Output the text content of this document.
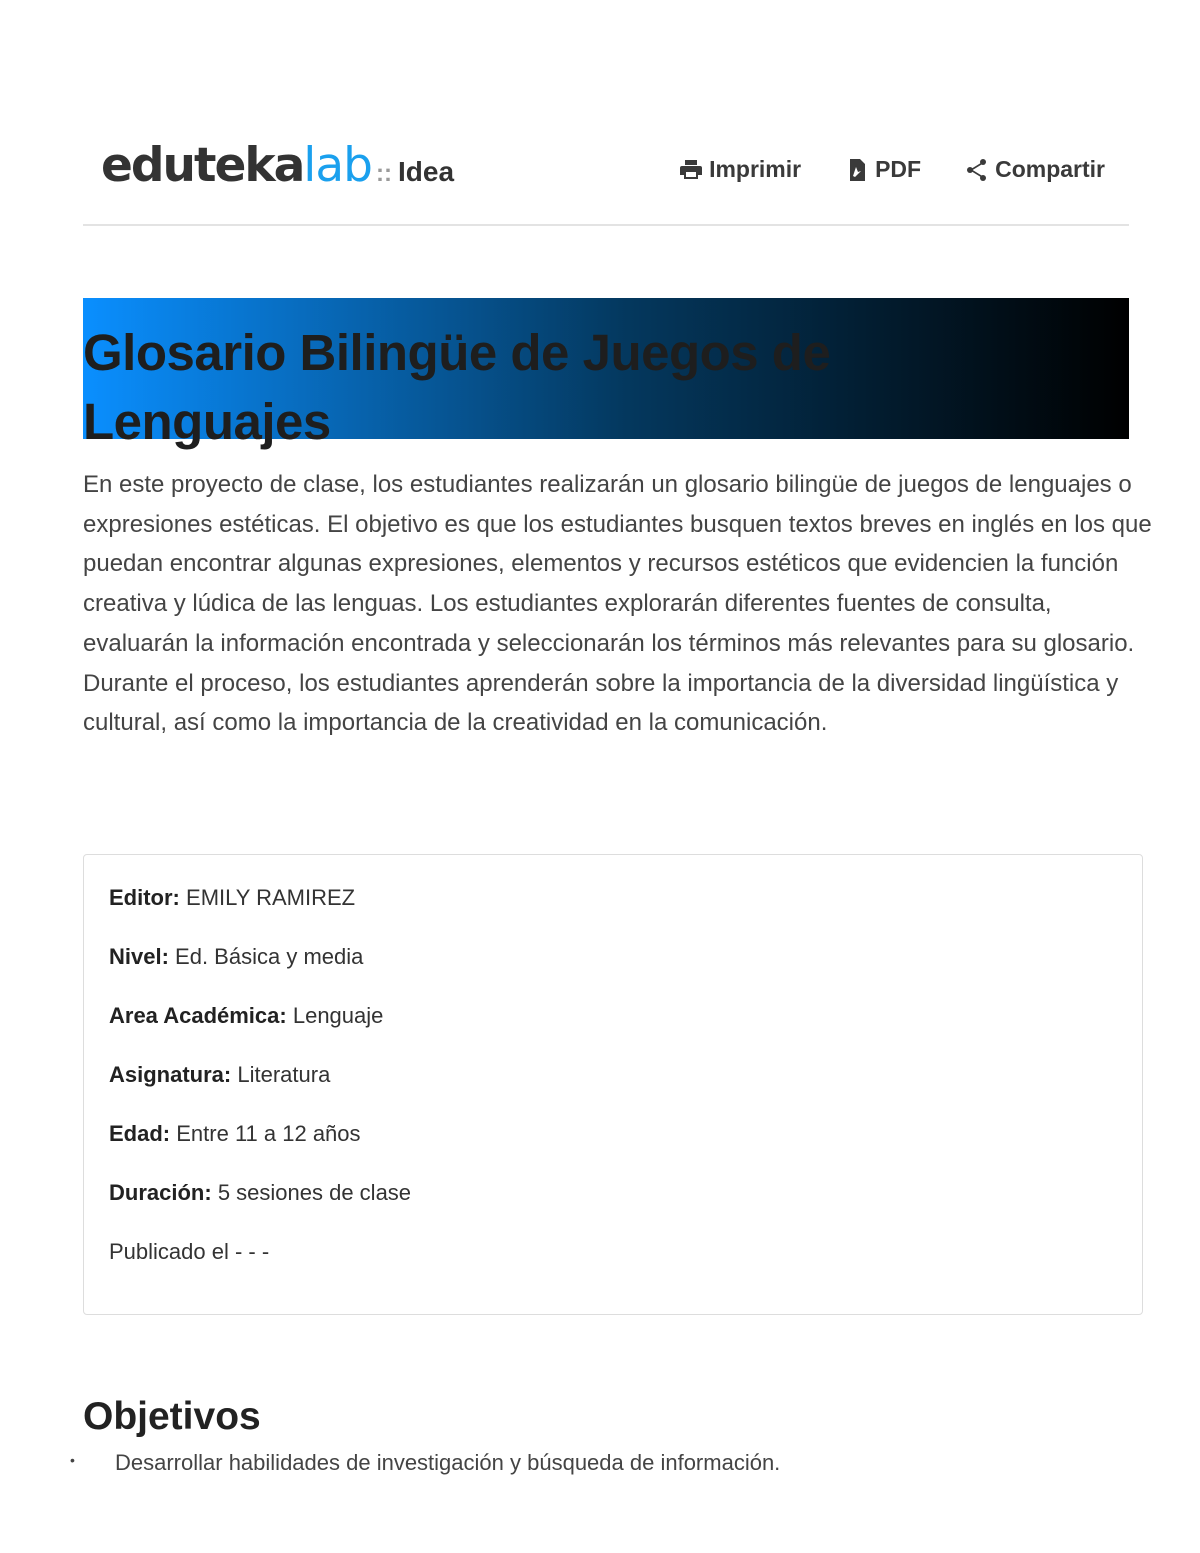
eduteka lab :: Idea	Imprimir	PDF	Compartir
Glosario Bilingüe de Juegos de Lenguajes

En este proyecto de clase, los estudiantes realizarán un glosario bilingüe de juegos de lenguajes o expresiones estéticas. El objetivo es que los estudiantes busquen textos breves en inglés en los que puedan encontrar algunas expresiones, elementos y recursos estéticos que evidencien la función creativa y lúdica de las lenguas. Los estudiantes explorarán diferentes fuentes de consulta, evaluarán la información encontrada y seleccionarán los términos más relevantes para su glosario. Durante el proceso, los estudiantes aprenderán sobre la importancia de la diversidad lingüística y cultural, así como la importancia de la creatividad en la comunicación.

Editor: EMILY RAMIREZ
Nivel: Ed. Básica y media
Area Académica: Lenguaje
Asignatura: Literatura
Edad: Entre 11 a 12 años
Duración: 5 sesiones de clase
Publicado el - - -
Objetivos
• Desarrollar habilidades de investigación y búsqueda de información.
